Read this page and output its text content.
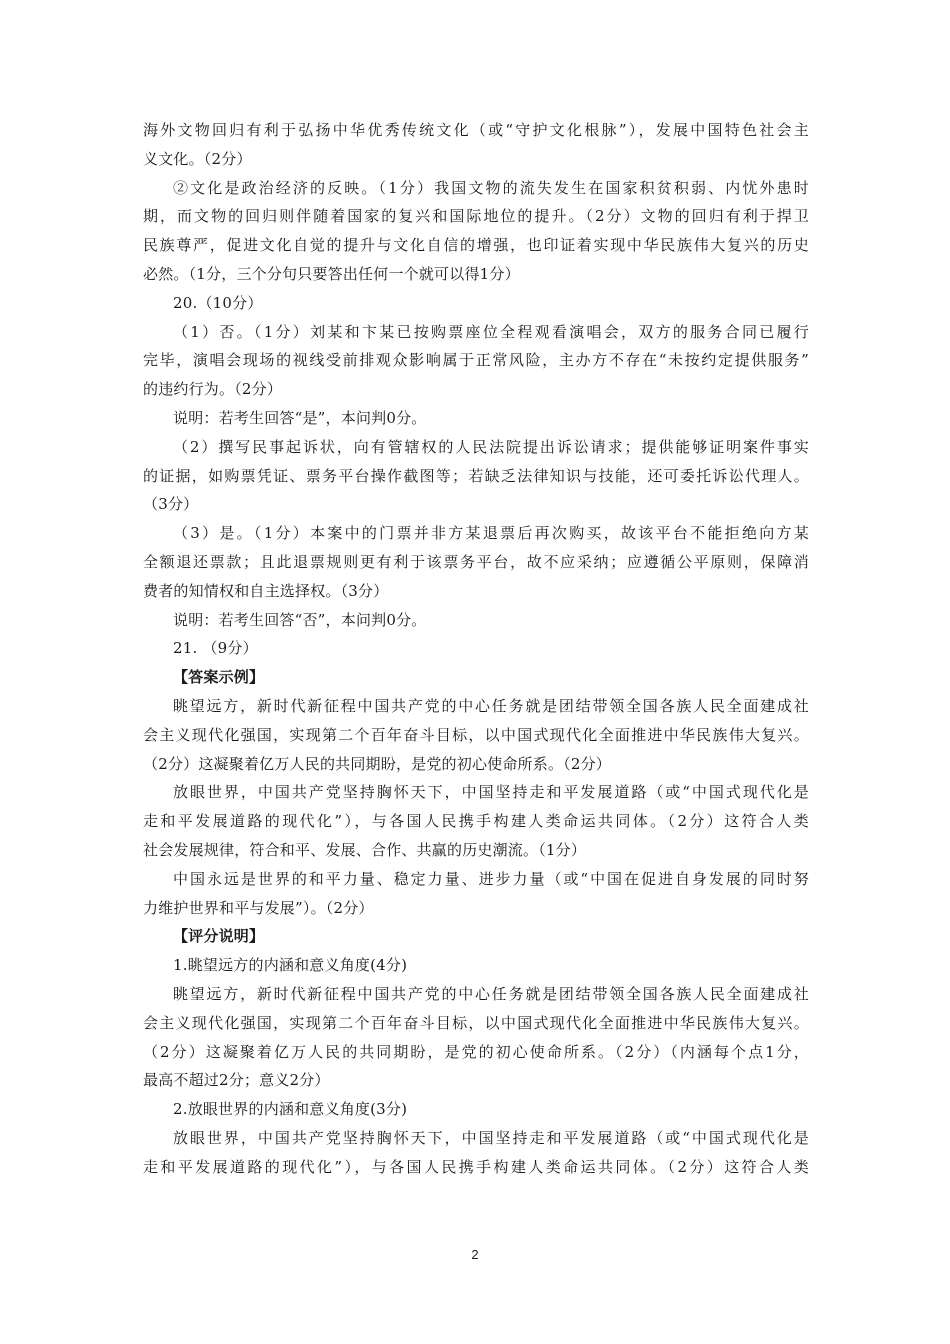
海外文物回归有利于弘扬中华优秀传统文化（或“守护文化根脉”），发展中国特色社会主
义文化。（2分）
②文化是政治经济的反映。（1分）我国文物的流失发生在国家积贫积弱、内忧外患时
期，而文物的回归则伴随着国家的复兴和国际地位的提升。（2分）文物的回归有利于捍卫
民族尊严，促进文化自觉的提升与文化自信的增强，也印证着实现中华民族伟大复兴的历史
必然。（1分，三个分句只要答出任何一个就可以得1分）
20.（10分）
（1）否。（1分）刘某和卞某已按购票座位全程观看演唱会，双方的服务合同已履行
完毕，演唱会现场的视线受前排观众影响属于正常风险，主办方不存在“未按约定提供服务”
的违约行为。（2分）
说明：若考生回答“是”，本问判0分。
（2）撰写民事起诉状，向有管辖权的人民法院提出诉讼请求；提供能够证明案件事实
的证据，如购票凭证、票务平台操作截图等；若缺乏法律知识与技能，还可委托诉讼代理人。
（3分）
（3）是。（1分）本案中的门票并非方某退票后再次购买，故该平台不能拒绝向方某
全额退还票款；且此退票规则更有利于该票务平台，故不应采纳；应遵循公平原则，保障消
费者的知情权和自主选择权。（3分）
说明：若考生回答“否”，本问判0分。
21. （9分）
【答案示例】
眺望远方，新时代新征程中国共产党的中心任务就是团结带领全国各族人民全面建成社
会主义现代化强国，实现第二个百年奋斗目标，以中国式现代化全面推进中华民族伟大复兴。
（2分）这凝聚着亿万人民的共同期盼，是党的初心使命所系。（2分）
放眼世界，中国共产党坚持胸怀天下，中国坚持走和平发展道路（或“中国式现代化是
走和平发展道路的现代化”），与各国人民携手构建人类命运共同体。（2分）这符合人类
社会发展规律，符合和平、发展、合作、共赢的历史潮流。（1分）
中国永远是世界的和平力量、稳定力量、进步力量（或“中国在促进自身发展的同时努
力维护世界和平与发展”）。（2分）
【评分说明】
1.眺望远方的内涵和意义角度(4分)
眺望远方，新时代新征程中国共产党的中心任务就是团结带领全国各族人民全面建成社
会主义现代化强国，实现第二个百年奋斗目标，以中国式现代化全面推进中华民族伟大复兴。
（2分）这凝聚着亿万人民的共同期盼，是党的初心使命所系。（2分）（内涵每个点1分，
最高不超过2分；意义2分）
2.放眼世界的内涵和意义角度(3分)
放眼世界，中国共产党坚持胸怀天下，中国坚持走和平发展道路（或“中国式现代化是
走和平发展道路的现代化”），与各国人民携手构建人类命运共同体。（2分）这符合人类
2
